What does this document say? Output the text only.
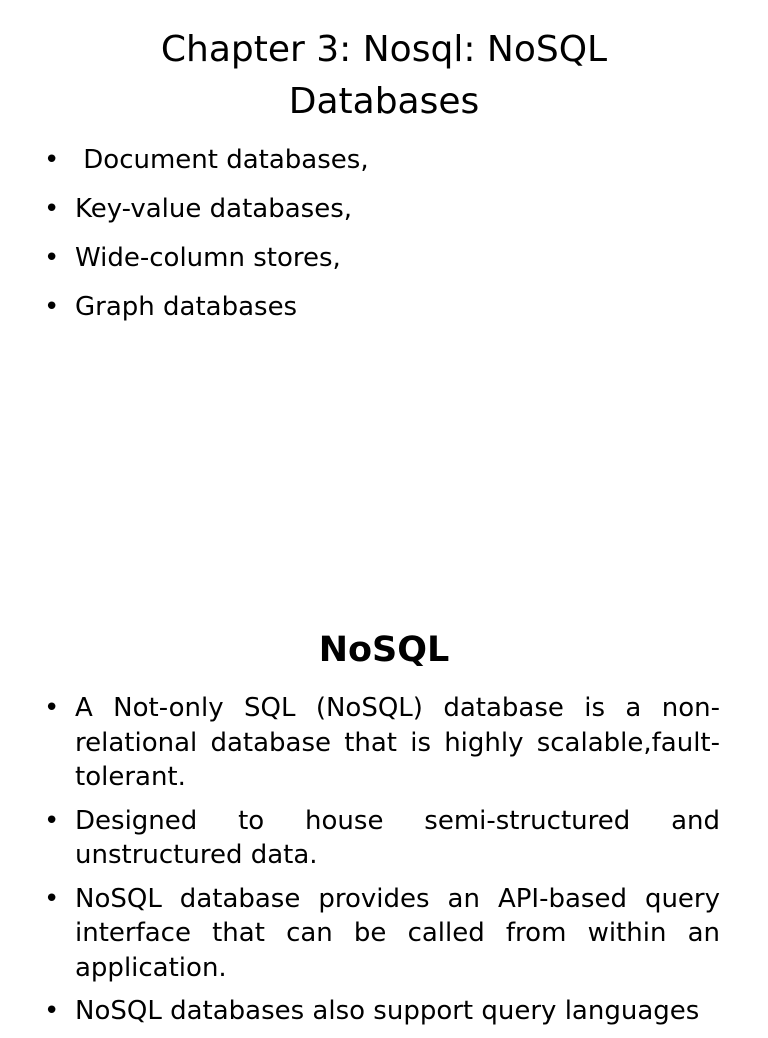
Chapter 3: Nosql: NoSQL Databases
• Document databases,
• Key-value databases,
• Wide-column stores,
• Graph databases
NoSQL
• A Not-only SQL (NoSQL) database is a non-relational database that is highly scalable,fault-tolerant.
• Designed to house semi-structured and unstructured data.
• NoSQL database provides an API-based query interface that can be called from within an application.
• NoSQL databases also support query languages
